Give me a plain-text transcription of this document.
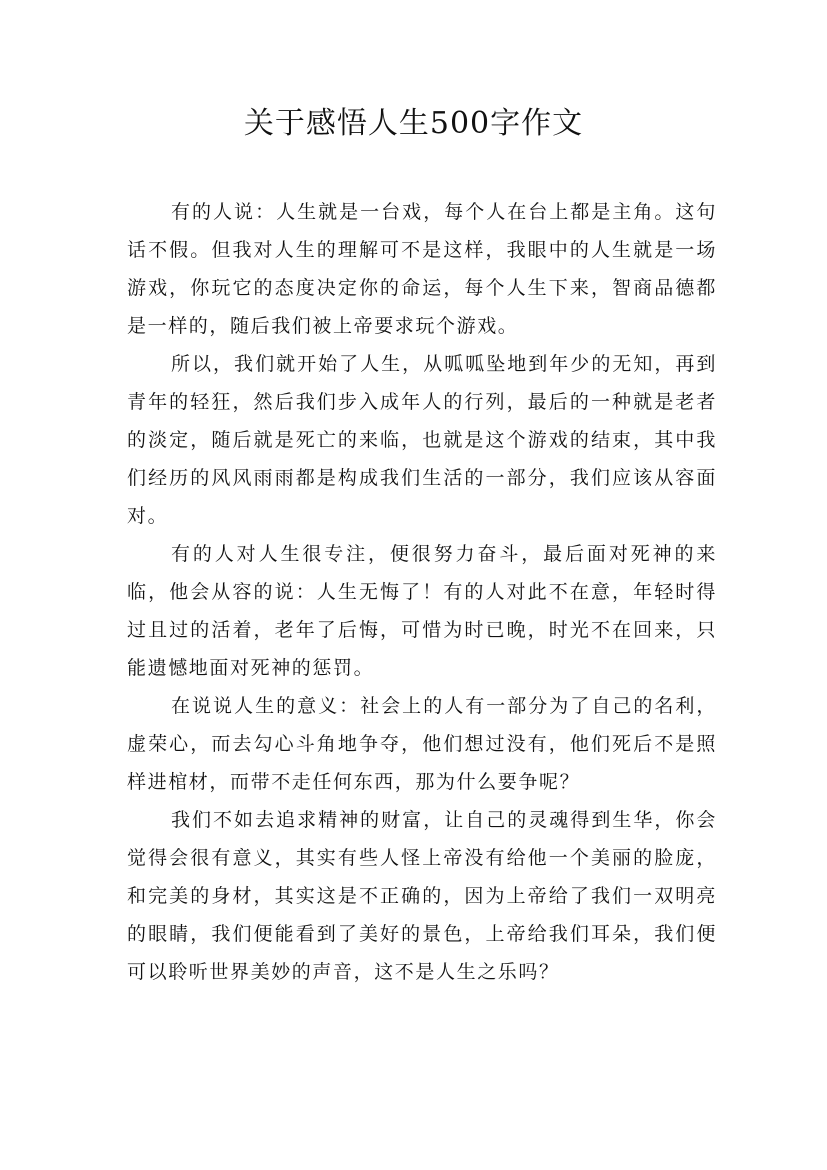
关于感悟人生500字作文

有的人说：人生就是一台戏，每个人在台上都是主角。这句话不假。但我对人生的理解可不是这样，我眼中的人生就是一场游戏，你玩它的态度决定你的命运，每个人生下来，智商品德都是一样的，随后我们被上帝要求玩个游戏。

所以，我们就开始了人生，从呱呱坠地到年少的无知，再到青年的轻狂，然后我们步入成年人的行列，最后的一种就是老者的淡定，随后就是死亡的来临，也就是这个游戏的结束，其中我们经历的风风雨雨都是构成我们生活的一部分，我们应该从容面对。

有的人对人生很专注，便很努力奋斗，最后面对死神的来临，他会从容的说：人生无悔了！有的人对此不在意，年轻时得过且过的活着，老年了后悔，可惜为时已晚，时光不在回来，只能遗憾地面对死神的惩罚。

在说说人生的意义：社会上的人有一部分为了自己的名利，虚荣心，而去勾心斗角地争夺，他们想过没有，他们死后不是照样进棺材，而带不走任何东西，那为什么要争呢？

我们不如去追求精神的财富，让自己的灵魂得到生华，你会觉得会很有意义，其实有些人怪上帝没有给他一个美丽的脸庞，和完美的身材，其实这是不正确的，因为上帝给了我们一双明亮的眼睛，我们便能看到了美好的景色，上帝给我们耳朵，我们便可以聆听世界美妙的声音，这不是人生之乐吗？
